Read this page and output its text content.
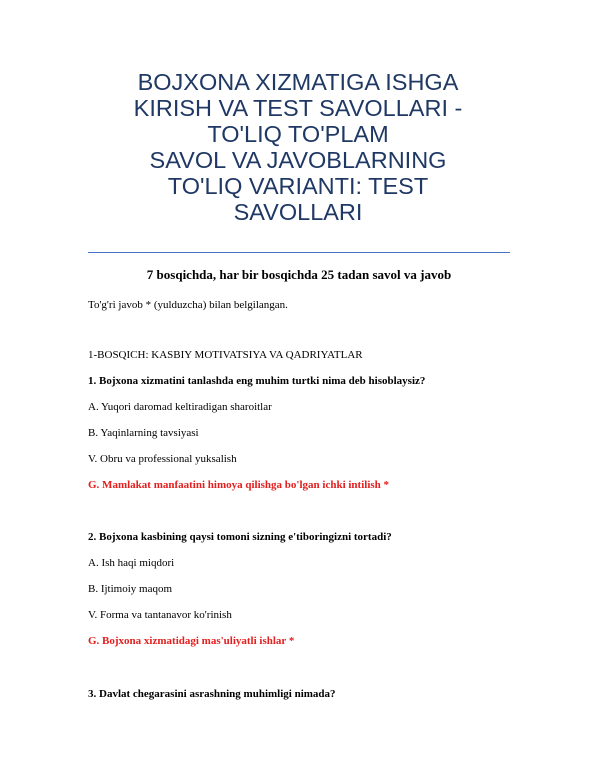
BOJXONA XIZMATIGA ISHGA
KIRISH VA TEST SAVOLLARI -
TO'LIQ TO'PLAM
SAVOL VA JAVOBLARNING
TO'LIQ VARIANTI: TEST
SAVOLLARI

7 bosqichda, har bir bosqichda 25 tadan savol va javob

To'g'ri javob * (yulduzcha) bilan belgilangan.
1-BOSQICH: KASBIY MOTIVATSIYA VA QADRIYATLAR
1. Bojxona xizmatini tanlashda eng muhim turtki nima deb hisoblaysiz?
A. Yuqori daromad keltiradigan sharoitlar
B. Yaqinlarning tavsiyasi
V. Obru va professional yuksalish
G. Mamlakat manfaatini himoya qilishga bo'lgan ichki intilish *
2. Bojxona kasbining qaysi tomoni sizning e'tiboringizni tortadi?
A. Ish haqi miqdori
B. Ijtimoiy maqom
V. Forma va tantanavor ko'rinish
G. Bojxona xizmatidagi mas'uliyatli ishlar *
3. Davlat chegarasini asrashning muhimligi nimada?
